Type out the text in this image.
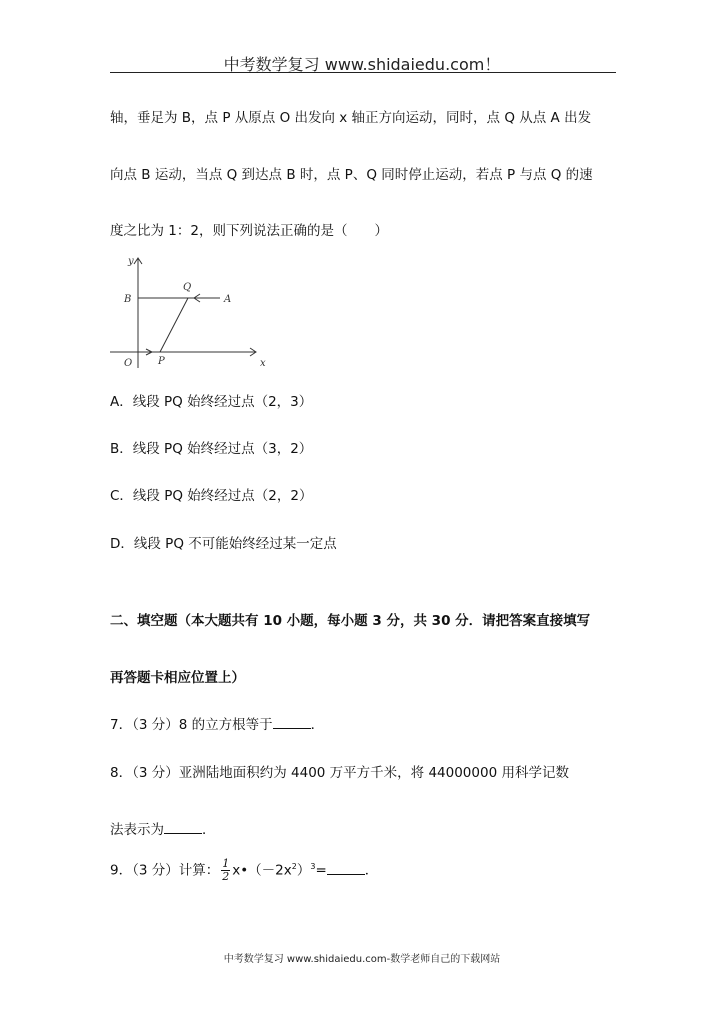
中考数学复习 www.shidaiedu.com！
轴，垂足为 B，点 P 从原点 O 出发向 x 轴正方向运动，同时，点 Q 从点 A 出发
向点 B 运动，当点 Q 到达点 B 时，点 P、Q 同时停止运动，若点 P 与点 Q 的速
度之比为 1：2，则下列说法正确的是（　　）
y
x
B
Q
A
O	P
A．线段 PQ 始终经过点（2，3）
B．线段 PQ 始终经过点（3，2）
C．线段 PQ 始终经过点（2，2）
D．线段 PQ 不可能始终经过某一定点
二、填空题（本大题共有 10 小题，每小题 3 分，共 30 分．请把答案直接填写
再答题卡相应位置上）
7．（3 分）8 的立方根等于	．
8．（3 分）亚洲陆地面积约为 4400 万平方千米，将 44000000 用科学记数
法表示为	．
9．（3 分）计算： $\frac{1}{2}$ $x•(-2x^2)^3=$	．
中考数学复习 www.shidaiedu.com-数学老师自己的下载网站
